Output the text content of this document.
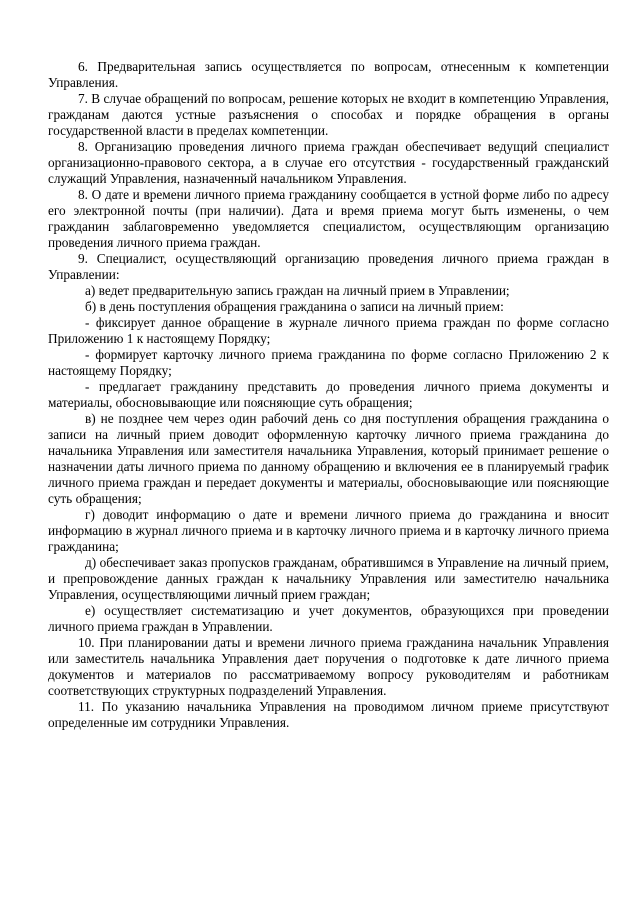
6. Предварительная запись осуществляется по вопросам, отнесенным к компетенции Управления.

7. В случае обращений по вопросам, решение которых не входит в компетенцию Управления, гражданам даются устные разъяснения о способах и порядке обращения в органы государственной власти в пределах компетенции.

8. Организацию проведения личного приема граждан обеспечивает ведущий специалист организационно-правового сектора, а в случае его отсутствия - государственный гражданский служащий Управления, назначенный начальником Управления.

8. О дате и времени личного приема гражданину сообщается в устной форме либо по адресу его электронной почты (при наличии). Дата и время приема могут быть изменены, о чем гражданин заблаговременно уведомляется специалистом, осуществляющим организацию проведения личного приема граждан.

9. Специалист, осуществляющий организацию проведения личного приема граждан в Управлении:

а) ведет предварительную запись граждан на личный прием в Управлении;

б) в день поступления обращения гражданина о записи на личный прием:

- фиксирует данное обращение в журнале личного приема граждан по форме согласно Приложению 1 к настоящему Порядку;

- формирует карточку личного приема гражданина по форме согласно Приложению 2 к настоящему Порядку;

- предлагает гражданину представить до проведения личного приема документы и материалы, обосновывающие или поясняющие суть обращения;

в) не позднее чем через один рабочий день со дня поступления обращения гражданина о записи на личный прием доводит оформленную карточку личного приема гражданина до начальника Управления или заместителя начальника Управления, который принимает решение о назначении даты личного приема по данному обращению и включения ее в планируемый график личного приема граждан и передает документы и материалы, обосновывающие или поясняющие суть обращения;

г) доводит информацию о дате и времени личного приема до гражданина и вносит информацию в журнал личного приема и в карточку личного приема и в карточку личного приема гражданина;

д) обеспечивает заказ пропусков гражданам, обратившимся в Управление на личный прием, и препровождение данных граждан к начальнику Управления или заместителю начальника Управления, осуществляющими личный прием граждан;

е) осуществляет систематизацию и учет документов, образующихся при проведении личного приема граждан в Управлении.

10. При планировании даты и времени личного приема гражданина начальник Управления или заместитель начальника Управления дает поручения о подготовке к дате личного приема документов и материалов по рассматриваемому вопросу руководителям и работникам соответствующих структурных подразделений Управления.

11. По указанию начальника Управления на проводимом личном приеме присутствуют определенные им сотрудники Управления.
